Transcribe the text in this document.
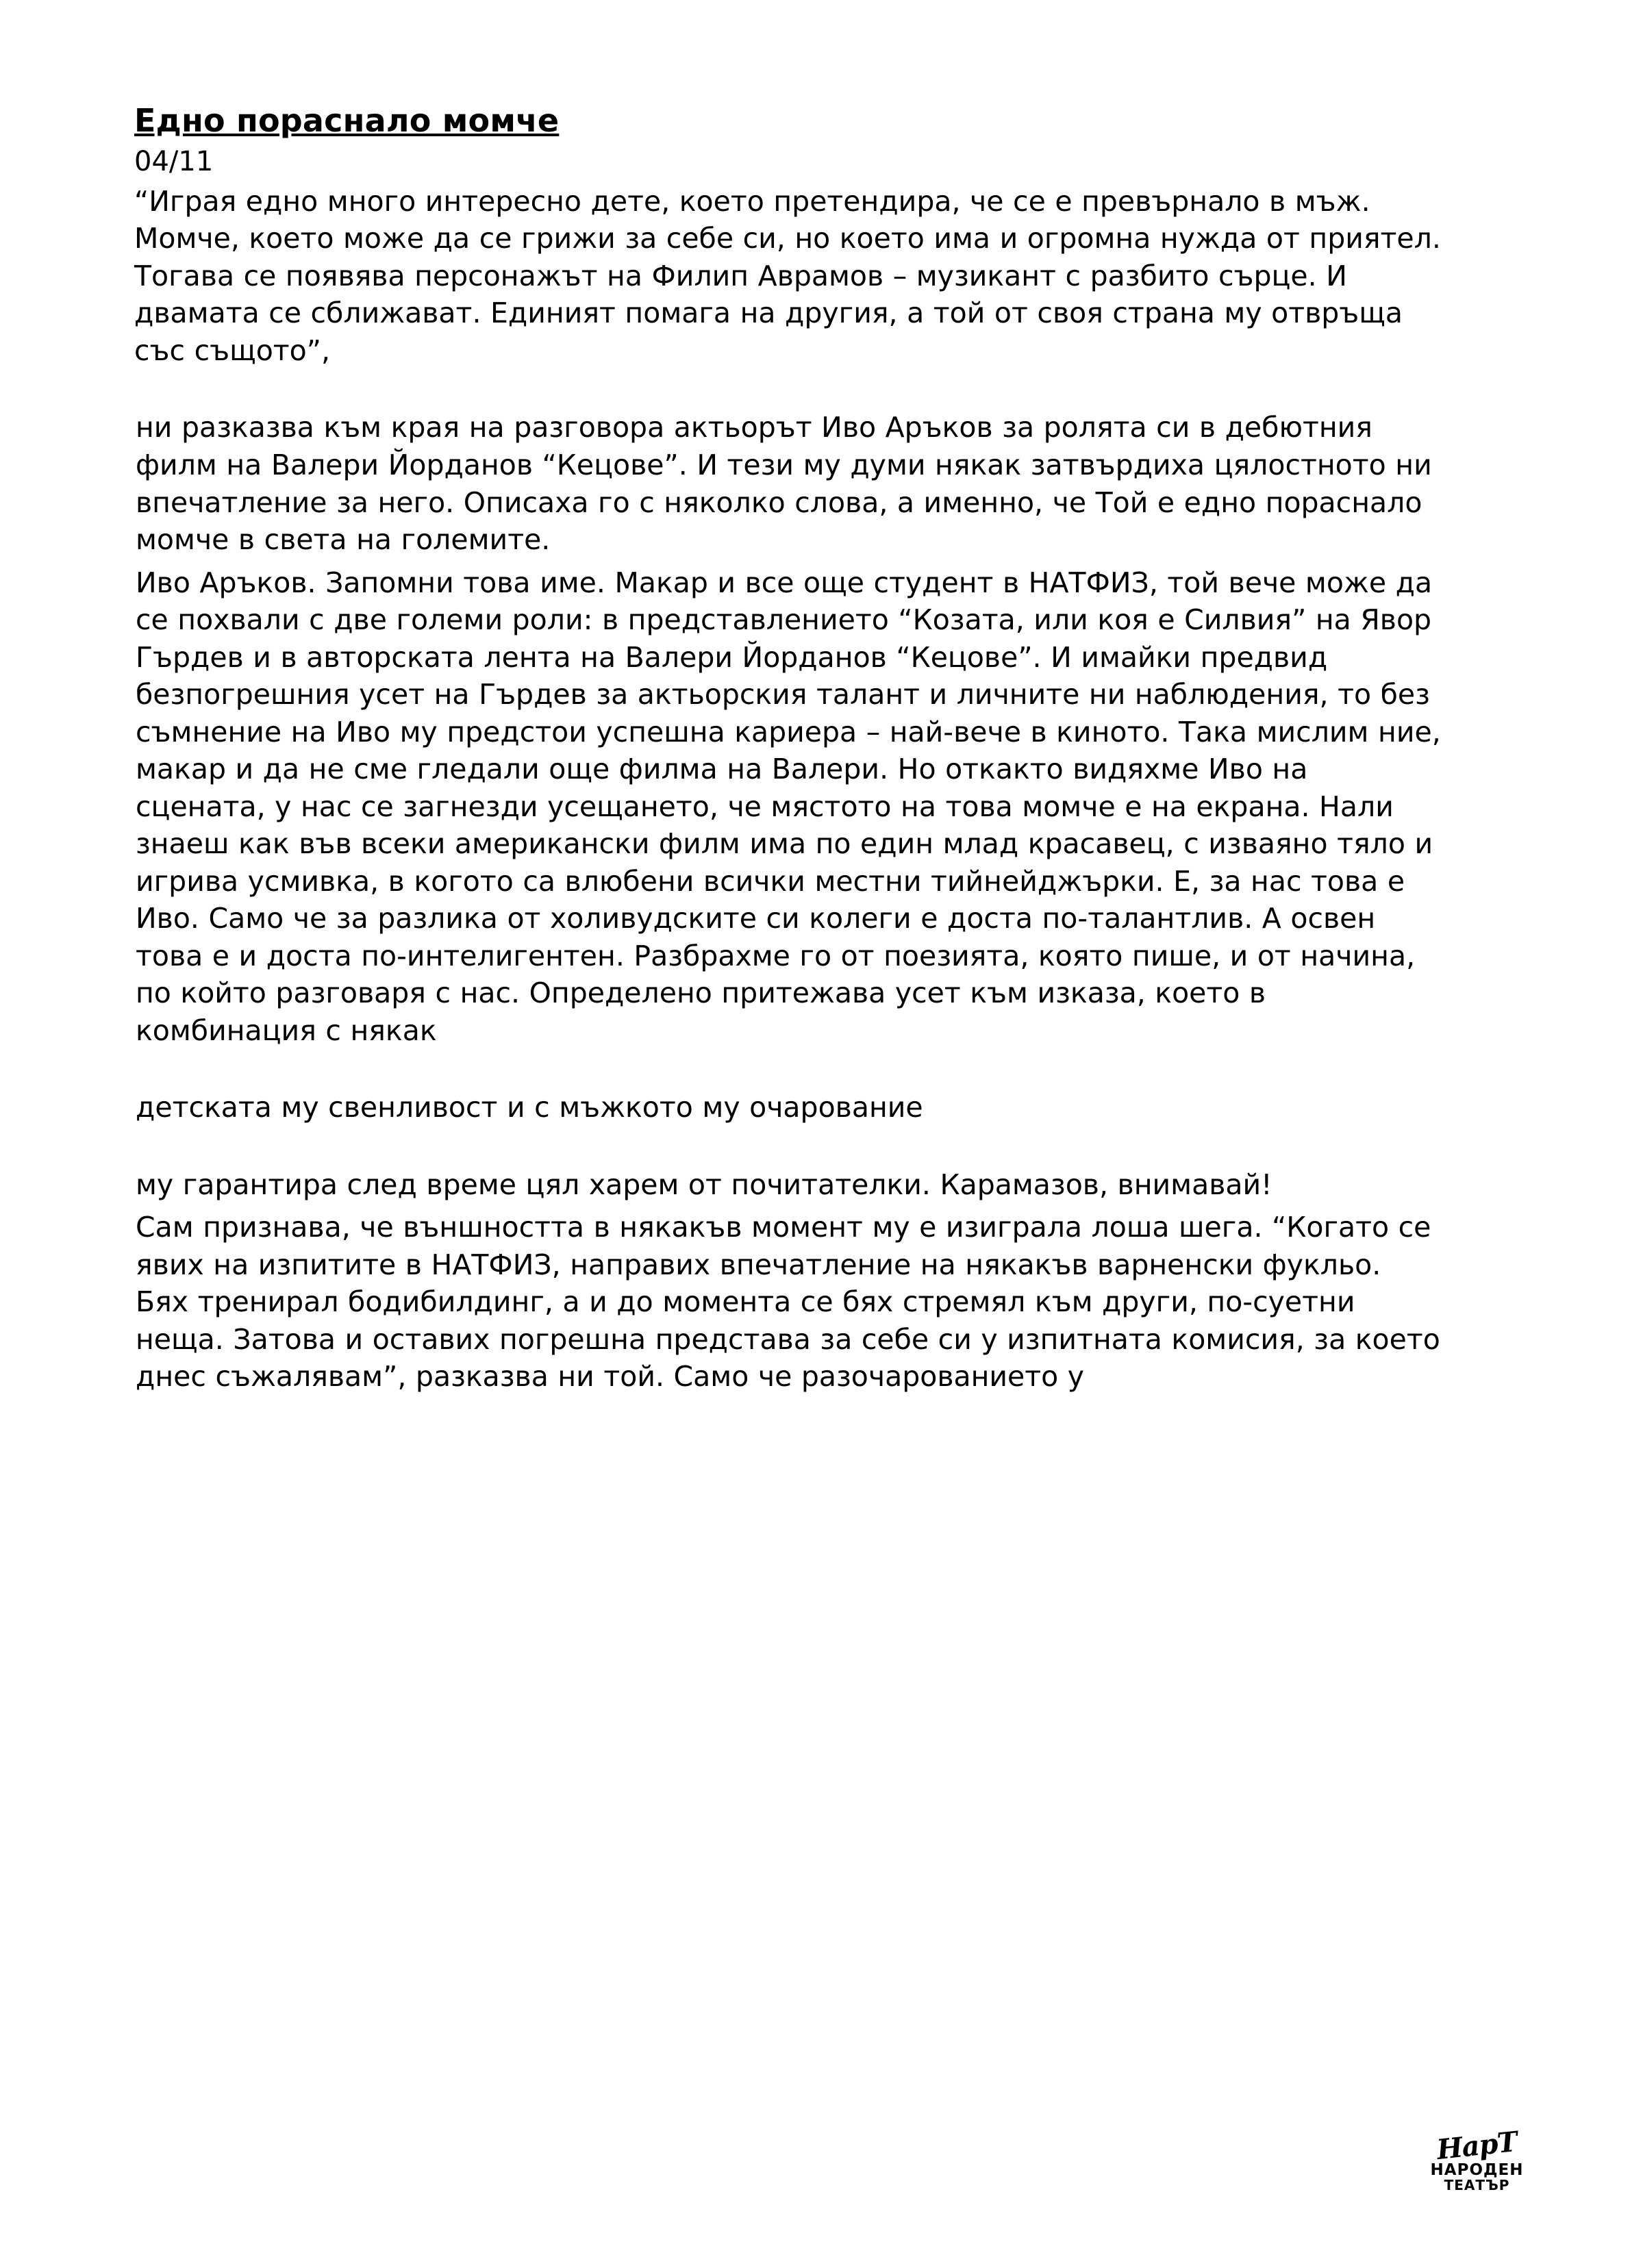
Едно пораснало момче
04/11

“Играя едно много интересно дете, което претендира, че се е превърнало в мъж. Момче, което може да се грижи за себе си, но което има и огромна нужда от приятел. Тогава се появява персонажът на Филип Аврамов – музикант с разбито сърце. И двамата се сближават. Единият помага на другия, а той от своя страна му отвръща със същото”,

ни разказва към края на разговора актьорът Иво Аръков за ролята си в дебютния филм на Валери Йорданов “Кецове”. И тези му думи някак затвърдиха цялостното ни впечатление за него. Описаха го с няколко слова, а именно, че Той е едно пораснало момче в света на големите.

Иво Аръков. Запомни това име. Макар и все още студент в НАТФИЗ, той вече може да се похвали с две големи роли: в представлението “Козата, или коя е Силвия” на Явор Гърдев и в авторската лента на Валери Йорданов “Кецове”. И имайки предвид безпогрешния усет на Гърдев за актьорския талант и личните ни наблюдения, то без съмнение на Иво му предстои успешна кариера – най-вече в киното. Така мислим ние, макар и да не сме гледали още филма на Валери. Но откакто видяхме Иво на сцената, у нас се загнезди усещането, че мястото на това момче е на екрана. Нали знаеш как във всеки американски филм има по един млад красавец, с изваяно тяло и игрива усмивка, в когото са влюбени всички местни тийнейджърки. Е, за нас това е Иво. Само че за разлика от холивудските си колеги е доста по-талантлив. А освен това е и доста по-интелигентен. Разбрахме го от поезията, която пише, и от начина, по който разговаря с нас. Определено притежава усет към изказа, което в комбинация с някак

детската му свенливост и с мъжкото му очарование

му гарантира след време цял харем от почитателки. Карамазов, внимавай!

Сам признава, че външността в някакъв момент му е изиграла лоша шега. “Когато се явих на изпитите в НАТФИЗ, направих впечатление на някакъв варненски фукльо. Бях тренирал бодибилдинг, а и до момента се бях стремял към други, по-суетни неща. Затова и оставих погрешна представа за себе си у изпитната комисия, за което днес съжалявам”, разказва ни той. Само че разочарованието у

НарТ
НАРОДЕН
ТЕАТЪР
